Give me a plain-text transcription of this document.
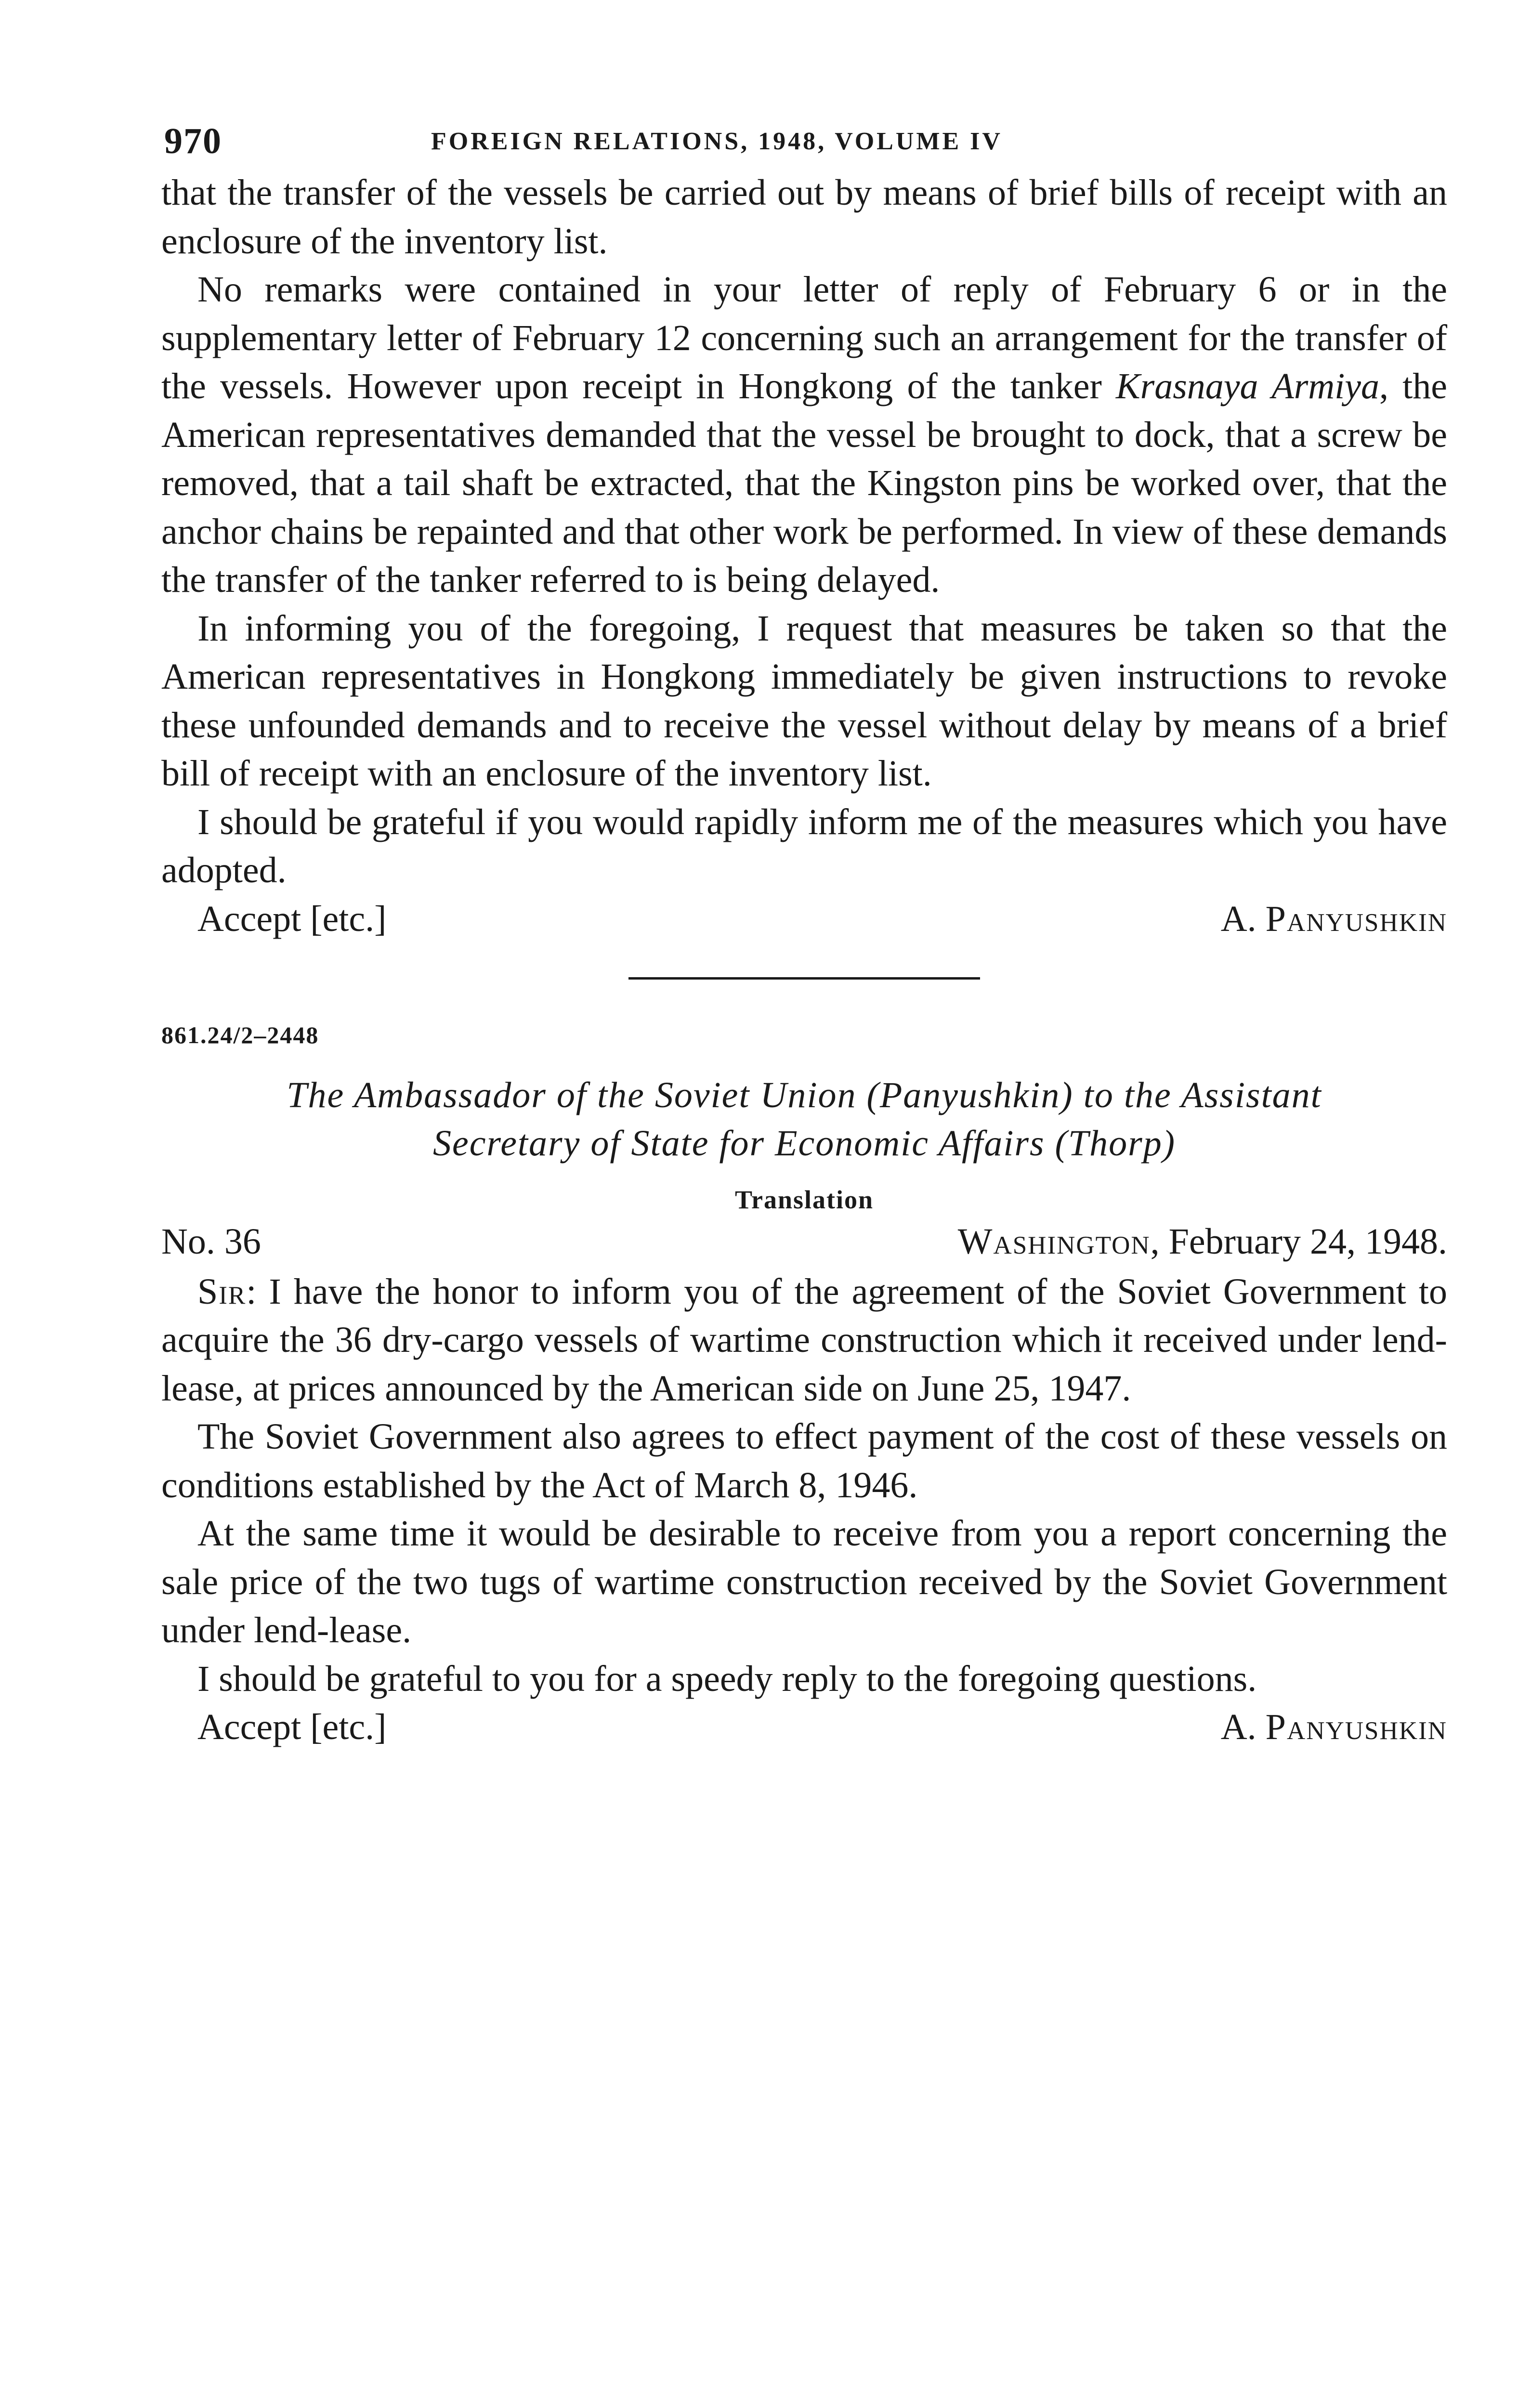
970	FOREIGN RELATIONS, 1948, VOLUME IV

that the transfer of the vessels be carried out by means of brief bills of receipt with an enclosure of the inventory list.

No remarks were contained in your letter of reply of February 6 or in the supplementary letter of February 12 concerning such an arrangement for the transfer of the vessels. However upon receipt in Hongkong of the tanker Krasnaya Armiya, the American representatives demanded that the vessel be brought to dock, that a screw be removed, that a tail shaft be extracted, that the Kingston pins be worked over, that the anchor chains be repainted and that other work be performed. In view of these demands the transfer of the tanker referred to is being delayed.

In informing you of the foregoing, I request that measures be taken so that the American representatives in Hongkong immediately be given instructions to revoke these unfounded demands and to receive the vessel without delay by means of a brief bill of receipt with an enclosure of the inventory list.

I should be grateful if you would rapidly inform me of the measures which you have adopted.

Accept [etc.]	A. Panyushkin
861.24/2–2448
The Ambassador of the Soviet Union (Panyushkin) to the Assistant
Secretary of State for Economic Affairs (Thorp)
Translation
No. 36	Washington, February 24, 1948.

Sir: I have the honor to inform you of the agreement of the Soviet Government to acquire the 36 dry-cargo vessels of wartime construction which it received under lend-lease, at prices announced by the American side on June 25, 1947.

The Soviet Government also agrees to effect payment of the cost of these vessels on conditions established by the Act of March 8, 1946.

At the same time it would be desirable to receive from you a report concerning the sale price of the two tugs of wartime construction received by the Soviet Government under lend-lease.

I should be grateful to you for a speedy reply to the foregoing questions.

Accept [etc.]	A. Panyushkin
